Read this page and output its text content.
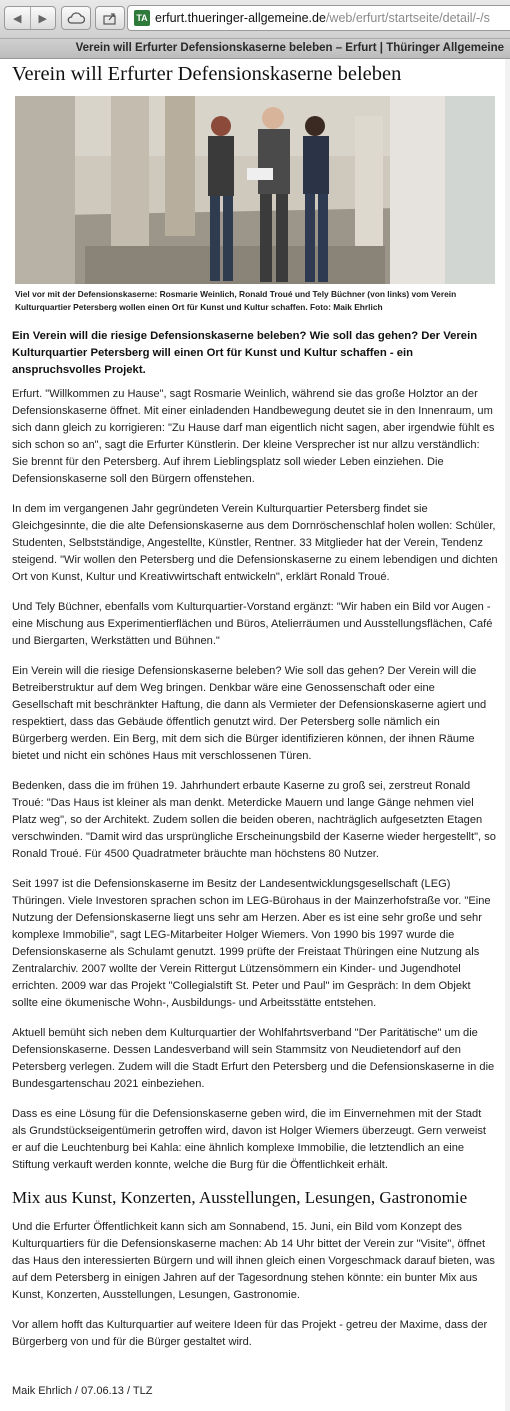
◀	▶	TA erfurt.thueringer-allgemeine.de/web/erfurt/startseite/detail/-/s
Verein will Erfurter Defensionskaserne beleben – Erfurt | Thüringer Allgemeine
Verein will Erfurter Defensionskaserne beleben
Viel vor mit der Defensionskaserne: Rosmarie Weinlich, Ronald Troué und Tely Büchner (von links) vom Verein Kulturquartier Petersberg wollen einen Ort für Kunst und Kultur schaffen. Foto: Maik Ehrlich
Ein Verein will die riesige Defensionskaserne beleben? Wie soll das gehen? Der Verein Kulturquartier Petersberg will einen Ort für Kunst und Kultur schaffen - ein anspruchsvolles Projekt.

Erfurt. "Willkommen zu Hause", sagt Rosmarie Weinlich, während sie das große Holztor an der Defensionskaserne öffnet. Mit einer einladenden Handbewegung deutet sie in den Innenraum, um sich dann gleich zu korrigieren: "Zu Hause darf man eigentlich nicht sagen, aber irgendwie fühlt es sich schon so an", sagt die Erfurter Künstlerin. Der kleine Versprecher ist nur allzu verständlich: Sie brennt für den Petersberg. Auf ihrem Lieblingsplatz soll wieder Leben einziehen. Die Defensionskaserne soll den Bürgern offenstehen.

In dem im vergangenen Jahr gegründeten Verein Kulturquartier Petersberg findet sie Gleichgesinnte, die die alte Defensionskaserne aus dem Dornröschenschlaf holen wollen: Schüler, Studenten, Selbstständige, Angestellte, Künstler, Rentner. 33 Mitglieder hat der Verein, Tendenz steigend. "Wir wollen den Petersberg und die Defensionskaserne zu einem lebendigen und dichten Ort von Kunst, Kultur und Kreativwirtschaft entwickeln", erklärt Ronald Troué.

Und Tely Büchner, ebenfalls vom Kulturquartier-Vorstand ergänzt: "Wir haben ein Bild vor Augen - eine Mischung aus Experimentierflächen und Büros, Atelierräumen und Ausstellungsflächen, Café und Biergarten, Werkstätten und Bühnen."

Ein Verein will die riesige Defensionskaserne beleben? Wie soll das gehen? Der Verein will die Betreiberstruktur auf dem Weg bringen. Denkbar wäre eine Genossenschaft oder eine Gesellschaft mit beschränkter Haftung, die dann als Vermieter der Defensionskaserne agiert und respektiert, dass das Gebäude öffentlich genutzt wird. Der Petersberg solle nämlich ein Bürgerberg werden. Ein Berg, mit dem sich die Bürger identifizieren können, der ihnen Räume bietet und nicht ein schönes Haus mit verschlossenen Türen.

Bedenken, dass die im frühen 19. Jahrhundert erbaute Kaserne zu groß sei, zerstreut Ronald Troué: "Das Haus ist kleiner als man denkt. Meterdicke Mauern und lange Gänge nehmen viel Platz weg", so der Architekt. Zudem sollen die beiden oberen, nachträglich aufgesetzten Etagen verschwinden. "Damit wird das ursprüngliche Erscheinungsbild der Kaserne wieder hergestellt", so Ronald Troué. Für 4500 Quadratmeter bräuchte man höchstens 80 Nutzer.

Seit 1997 ist die Defensionskaserne im Besitz der Landesentwicklungsgesellschaft (LEG) Thüringen. Viele Investoren sprachen schon im LEG-Bürohaus in der Mainzerhofstraße vor. "Eine Nutzung der Defensionskaserne liegt uns sehr am Herzen. Aber es ist eine sehr große und sehr komplexe Immobilie", sagt LEG-Mitarbeiter Holger Wiemers. Von 1990 bis 1997 wurde die Defensionskaserne als Schulamt genutzt. 1999 prüfte der Freistaat Thüringen eine Nutzung als Zentralarchiv. 2007 wollte der Verein Rittergut Lützensömmern ein Kinder- und Jugendhotel errichten. 2009 war das Projekt "Collegialstift St. Peter und Paul" im Gespräch: In dem Objekt sollte eine ökumenische Wohn-, Ausbildungs- und Arbeitsstätte entstehen.

Aktuell bemüht sich neben dem Kulturquartier der Wohlfahrtsverband "Der Paritätische" um die Defensionskaserne. Dessen Landesverband will sein Stammsitz von Neudietendorf auf den Petersberg verlegen. Zudem will die Stadt Erfurt den Petersberg und die Defensionskaserne in die Bundesgartenschau 2021 einbeziehen.

Dass es eine Lösung für die Defensionskaserne geben wird, die im Einvernehmen mit der Stadt als Grundstückseigentümerin getroffen wird, davon ist Holger Wiemers überzeugt. Gern verweist er auf die Leuchtenburg bei Kahla: eine ähnlich komplexe Immobilie, die letztendlich an eine Stiftung verkauft werden konnte, welche die Burg für die Öffentlichkeit erhält.

Mix aus Kunst, Konzerten, Ausstellungen, Lesungen, Gastronomie

Und die Erfurter Öffentlichkeit kann sich am Sonnabend, 15. Juni, ein Bild vom Konzept des Kulturquartiers für die Defensionskaserne machen: Ab 14 Uhr bittet der Verein zur "Visite", öffnet das Haus den interessierten Bürgern und will ihnen gleich einen Vorgeschmack darauf bieten, was auf dem Petersberg in einigen Jahren auf der Tagesordnung stehen könnte: ein bunter Mix aus Kunst, Konzerten, Ausstellungen, Lesungen, Gastronomie.

Vor allem hofft das Kulturquartier auf weitere Ideen für das Projekt - getreu der Maxime, dass der Bürgerberg von und für die Bürger gestaltet wird.

Maik Ehrlich / 07.06.13 / TLZ
